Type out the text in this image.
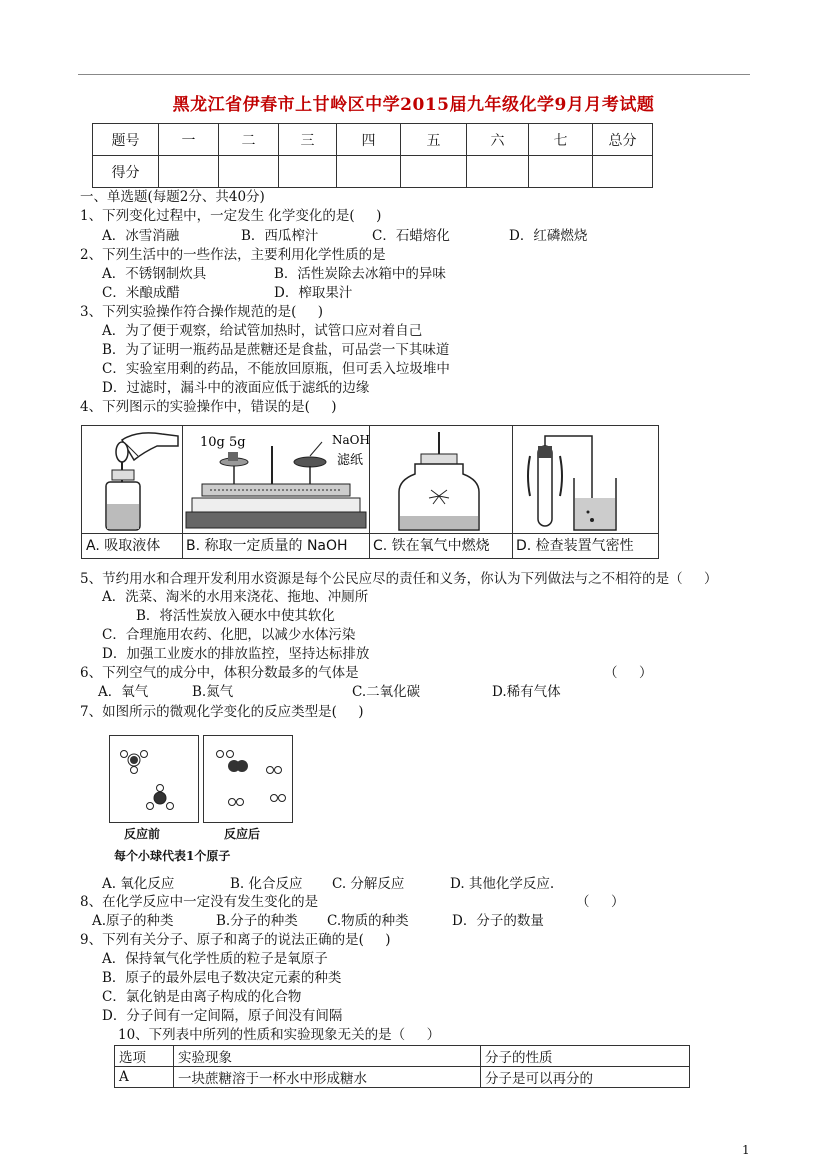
黑龙江省伊春市上甘岭区中学2015届九年级化学9月月考试题
题号	一	二	三	四	五	六	七	总分
得分								
一、单选题(每题2分、共40分)
1、下列变化过程中，一定发生 化学变化的是(     )
A．冰雪消融	B．西瓜榨汁	C．石蜡熔化	D．红磷燃烧
2、下列生活中的一些作法，主要利用化学性质的是
A．不锈钢制炊具	B．活性炭除去冰箱中的异味
C．米酿成醋	D．榨取果汁
3、下列实验操作符合操作规范的是(     )
A．为了便于观察，给试管加热时，试管口应对着自己
B．为了证明一瓶药品是蔗糖还是食盐，可品尝一下其味道
C．实验室用剩的药品，不能放回原瓶，但可丢入垃圾堆中
D．过滤时，漏斗中的液面应低于滤纸的边缘
4、下列图示的实验操作中，错误的是(     )
A. 吸取液体
10g 5g	NaOH
滤纸
B. 称取一定质量的 NaOH	C. 铁在氧气中燃烧	D. 检查装置气密性
5、节约用水和合理开发利用水资源是每个公民应尽的责任和义务，你认为下列做法与之不相符的是（     ）
A．洗菜、淘米的水用来浇花、拖地、冲厕所
B．将活性炭放入硬水中使其软化
C．合理施用农药、化肥，以减少水体污染
D．加强工业废水的排放监控，坚持达标排放
6、下列空气的成分中，体积分数最多的气体是	（     ）
A．氧气	B.氮气	C.二氧化碳	D.稀有气体
7、如图所示的微观化学变化的反应类型是(     )
反应前	反应后
每个小球代表1个原子
A. 氧化反应	B. 化合反应 C. 分解反应	D. 其他化学反应.
8、在化学反应中一定没有发生变化的是	（     ）
A.原子的种类	B.分子的种类 C.物质的种类	D．分子的数量
9、下列有关分子、原子和离子的说法正确的是(     )
A．保持氧气化学性质的粒子是氧原子
B．原子的最外层电子数决定元素的种类
C．氯化钠是由离子构成的化合物
D．分子间有一定间隔，原子间没有间隔
10、下列表中所列的性质和实验现象无关的是（     ）
选项	实验现象	分子的性质
A	一块蔗糖溶于一杯水中形成糖水	分子是可以再分的
1
